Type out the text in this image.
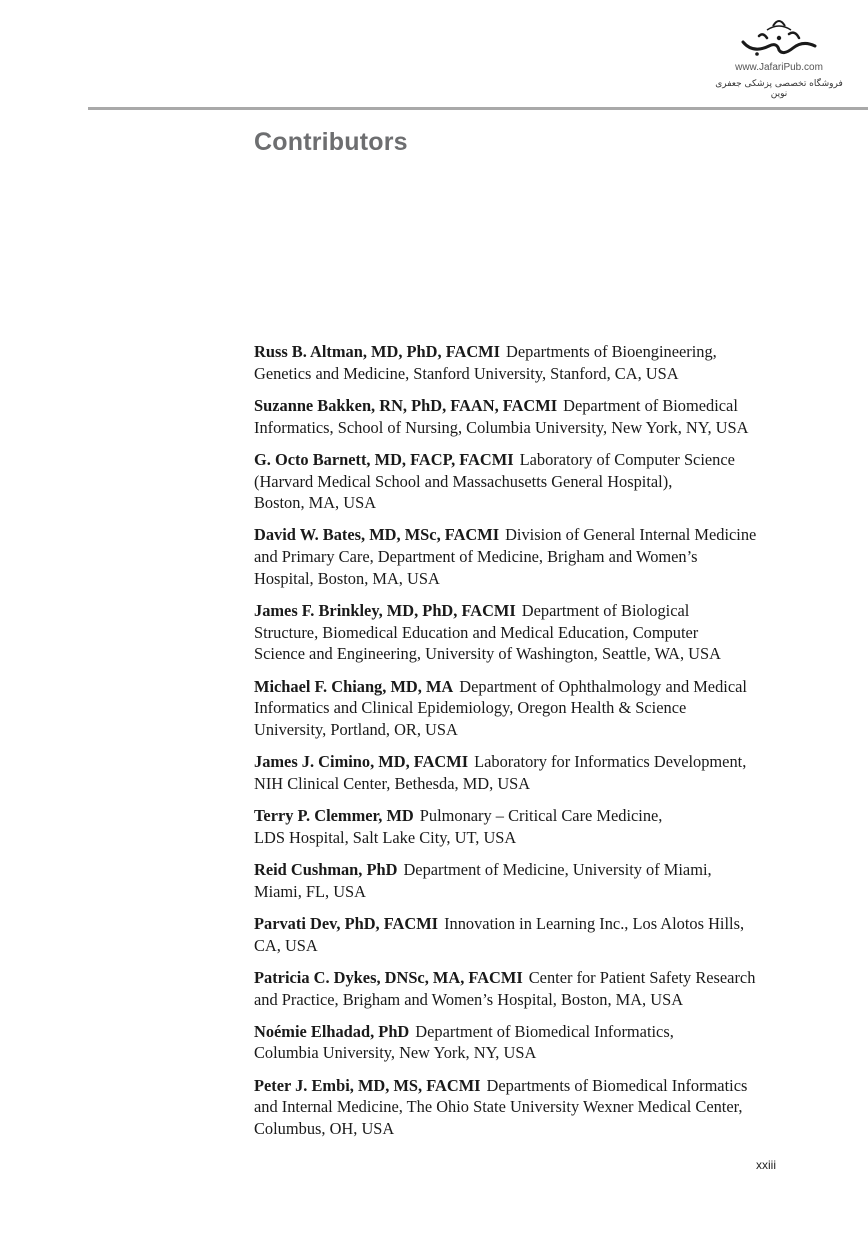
www.JafariPub.com
فروشگاه تخصصی پزشکی جعفری نوین
Contributors

Russ B. Altman, MD, PhD, FACMI Departments of Bioengineering,
Genetics and Medicine, Stanford University, Stanford, CA, USA

Suzanne Bakken, RN, PhD, FAAN, FACMI Department of Biomedical
Informatics, School of Nursing, Columbia University, New York, NY, USA

G. Octo Barnett, MD, FACP, FACMI Laboratory of Computer Science
(Harvard Medical School and Massachusetts General Hospital),
Boston, MA, USA

David W. Bates, MD, MSc, FACMI Division of General Internal Medicine
and Primary Care, Department of Medicine, Brigham and Women’s
Hospital, Boston, MA, USA

James F. Brinkley, MD, PhD, FACMI Department of Biological
Structure, Biomedical Education and Medical Education, Computer
Science and Engineering, University of Washington, Seattle, WA, USA

Michael F. Chiang, MD, MA Department of Ophthalmology and Medical
Informatics and Clinical Epidemiology, Oregon Health & Science
University, Portland, OR, USA

James J. Cimino, MD, FACMI Laboratory for Informatics Development,
NIH Clinical Center, Bethesda, MD, USA

Terry P. Clemmer, MD Pulmonary – Critical Care Medicine,
LDS Hospital, Salt Lake City, UT, USA

Reid Cushman, PhD Department of Medicine, University of Miami,
Miami, FL, USA

Parvati Dev, PhD, FACMI Innovation in Learning Inc., Los Alotos Hills,
CA, USA

Patricia C. Dykes, DNSc, MA, FACMI Center for Patient Safety Research
and Practice, Brigham and Women’s Hospital, Boston, MA, USA

Noémie Elhadad, PhD Department of Biomedical Informatics,
Columbia University, New York, NY, USA

Peter J. Embi, MD, MS, FACMI Departments of Biomedical Informatics
and Internal Medicine, The Ohio State University Wexner Medical Center,
Columbus, OH, USA

xxiii
